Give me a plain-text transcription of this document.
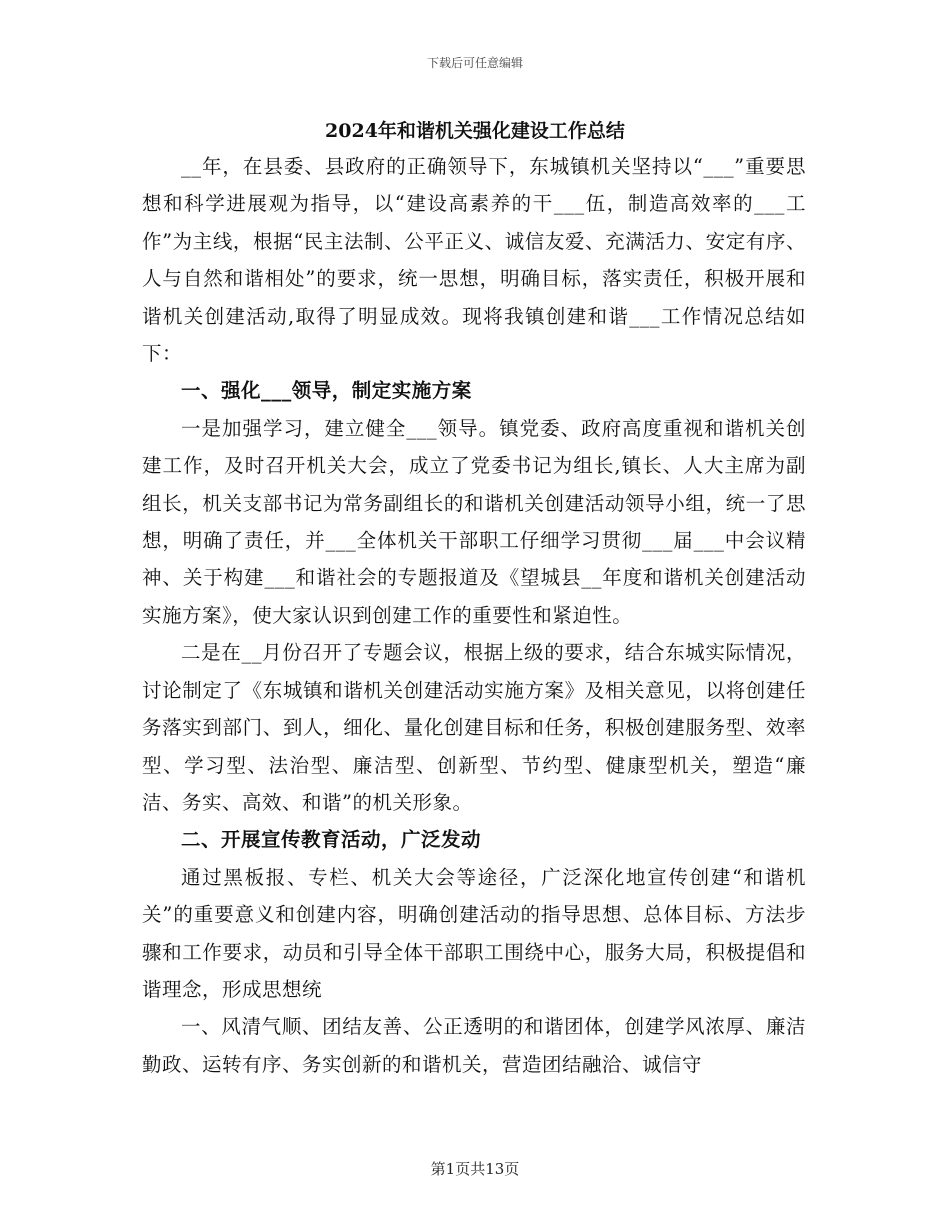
下载后可任意编辑
2024年和谐机关强化建设工作总结

__年，在县委、县政府的正确领导下，东城镇机关坚持以“___”重要思想和科学进展观为指导，以“建设高素养的干___伍，制造高效率的___工作”为主线，根据“民主法制、公平正义、诚信友爱、充满活力、安定有序、人与自然和谐相处”的要求，统一思想，明确目标，落实责任，积极开展和谐机关创建活动,取得了明显成效。现将我镇创建和谐___工作情况总结如下：

一、强化___领导，制定实施方案

一是加强学习，建立健全___领导。镇党委、政府高度重视和谐机关创建工作，及时召开机关大会，成立了党委书记为组长,镇长、人大主席为副组长，机关支部书记为常务副组长的和谐机关创建活动领导小组，统一了思想，明确了责任，并___全体机关干部职工仔细学习贯彻___届___中会议精神、关于构建___和谐社会的专题报道及《望城县__年度和谐机关创建活动实施方案》，使大家认识到创建工作的重要性和紧迫性。

二是在__月份召开了专题会议，根据上级的要求，结合东城实际情况，讨论制定了《东城镇和谐机关创建活动实施方案》及相关意见，以将创建任务落实到部门、到人，细化、量化创建目标和任务，积极创建服务型、效率型、学习型、法治型、廉洁型、创新型、节约型、健康型机关，塑造“廉洁、务实、高效、和谐”的机关形象。

二、开展宣传教育活动，广泛发动

通过黑板报、专栏、机关大会等途径，广泛深化地宣传创建“和谐机关”的重要意义和创建内容，明确创建活动的指导思想、总体目标、方法步骤和工作要求，动员和引导全体干部职工围绕中心，服务大局，积极提倡和谐理念，形成思想统

一、风清气顺、团结友善、公正透明的和谐团体，创建学风浓厚、廉洁勤政、运转有序、务实创新的和谐机关，营造团结融洽、诚信守

第1页共13页
